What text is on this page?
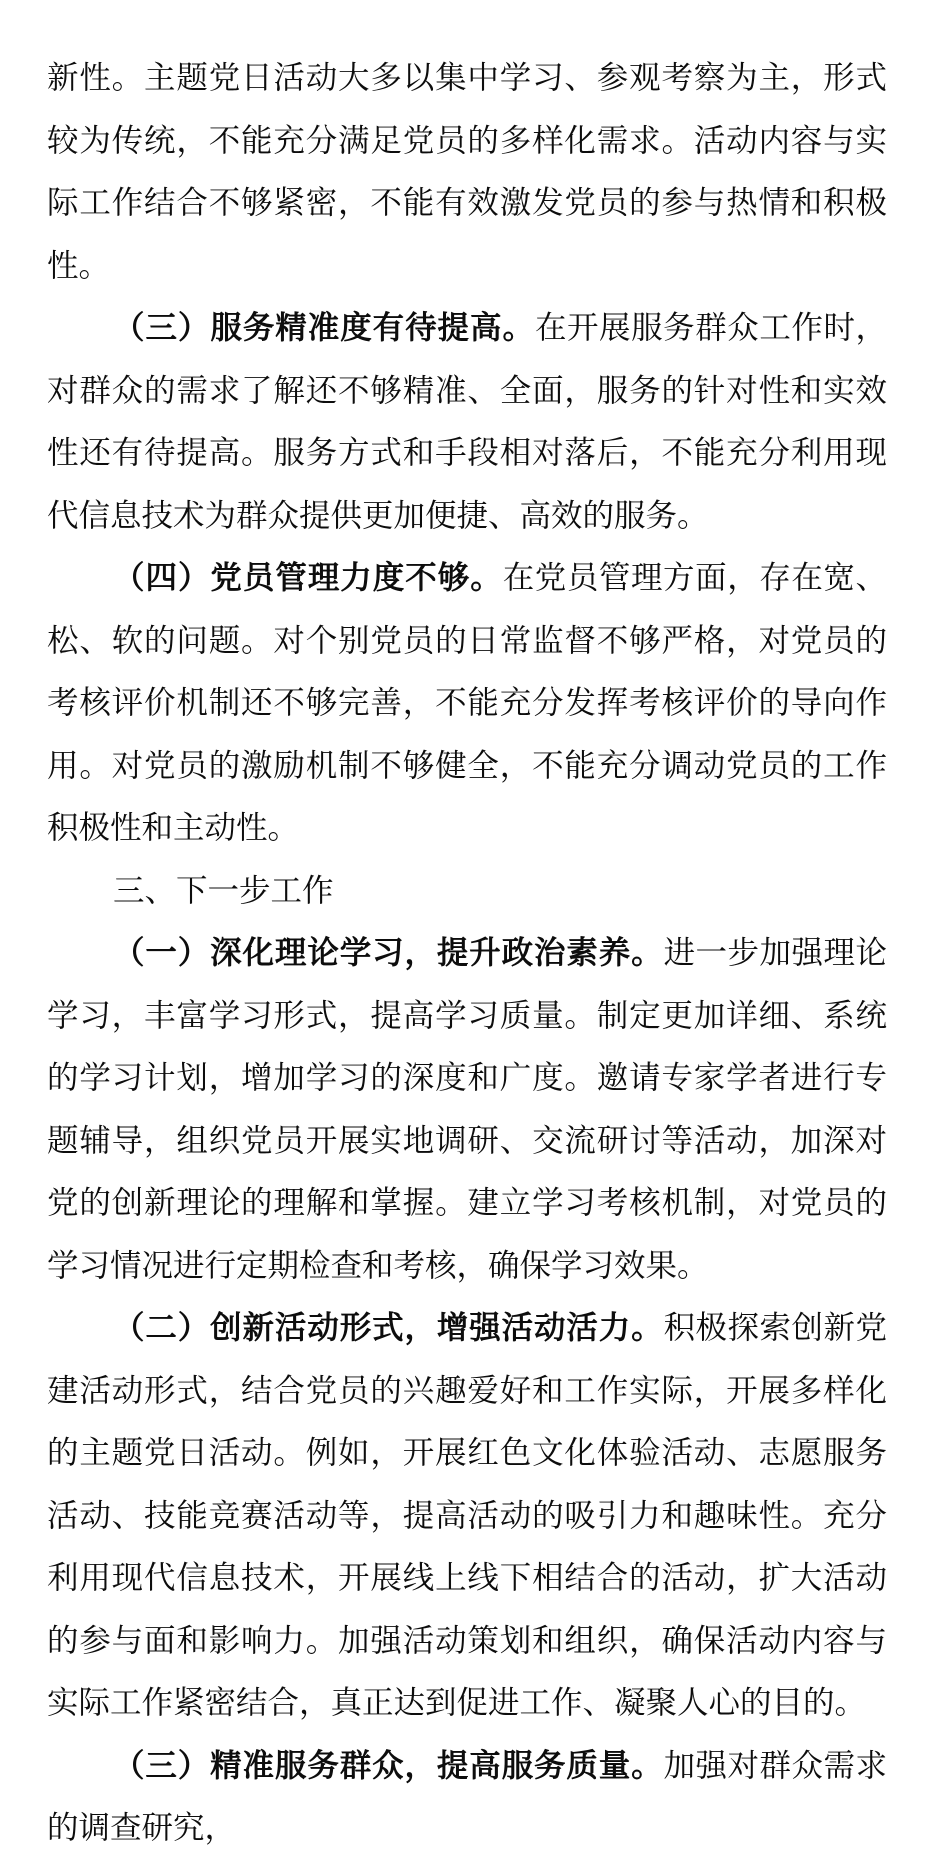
新性。主题党日活动大多以集中学习、参观考察为主，形式较为传统，不能充分满足党员的多样化需求。活动内容与实际工作结合不够紧密，不能有效激发党员的参与热情和积极性。

（三）服务精准度有待提高。在开展服务群众工作时，对群众的需求了解还不够精准、全面，服务的针对性和实效性还有待提高。服务方式和手段相对落后，不能充分利用现代信息技术为群众提供更加便捷、高效的服务。

（四）党员管理力度不够。在党员管理方面，存在宽、松、软的问题。对个别党员的日常监督不够严格，对党员的考核评价机制还不够完善，不能充分发挥考核评价的导向作用。对党员的激励机制不够健全，不能充分调动党员的工作积极性和主动性。

三、下一步工作

（一）深化理论学习，提升政治素养。进一步加强理论学习，丰富学习形式，提高学习质量。制定更加详细、系统的学习计划，增加学习的深度和广度。邀请专家学者进行专题辅导，组织党员开展实地调研、交流研讨等活动，加深对党的创新理论的理解和掌握。建立学习考核机制，对党员的学习情况进行定期检查和考核，确保学习效果。

（二）创新活动形式，增强活动活力。积极探索创新党建活动形式，结合党员的兴趣爱好和工作实际，开展多样化的主题党日活动。例如，开展红色文化体验活动、志愿服务活动、技能竞赛活动等，提高活动的吸引力和趣味性。充分利用现代信息技术，开展线上线下相结合的活动，扩大活动的参与面和影响力。加强活动策划和组织，确保活动内容与实际工作紧密结合，真正达到促进工作、凝聚人心的目的。

（三）精准服务群众，提高服务质量。加强对群众需求的调查研究，
